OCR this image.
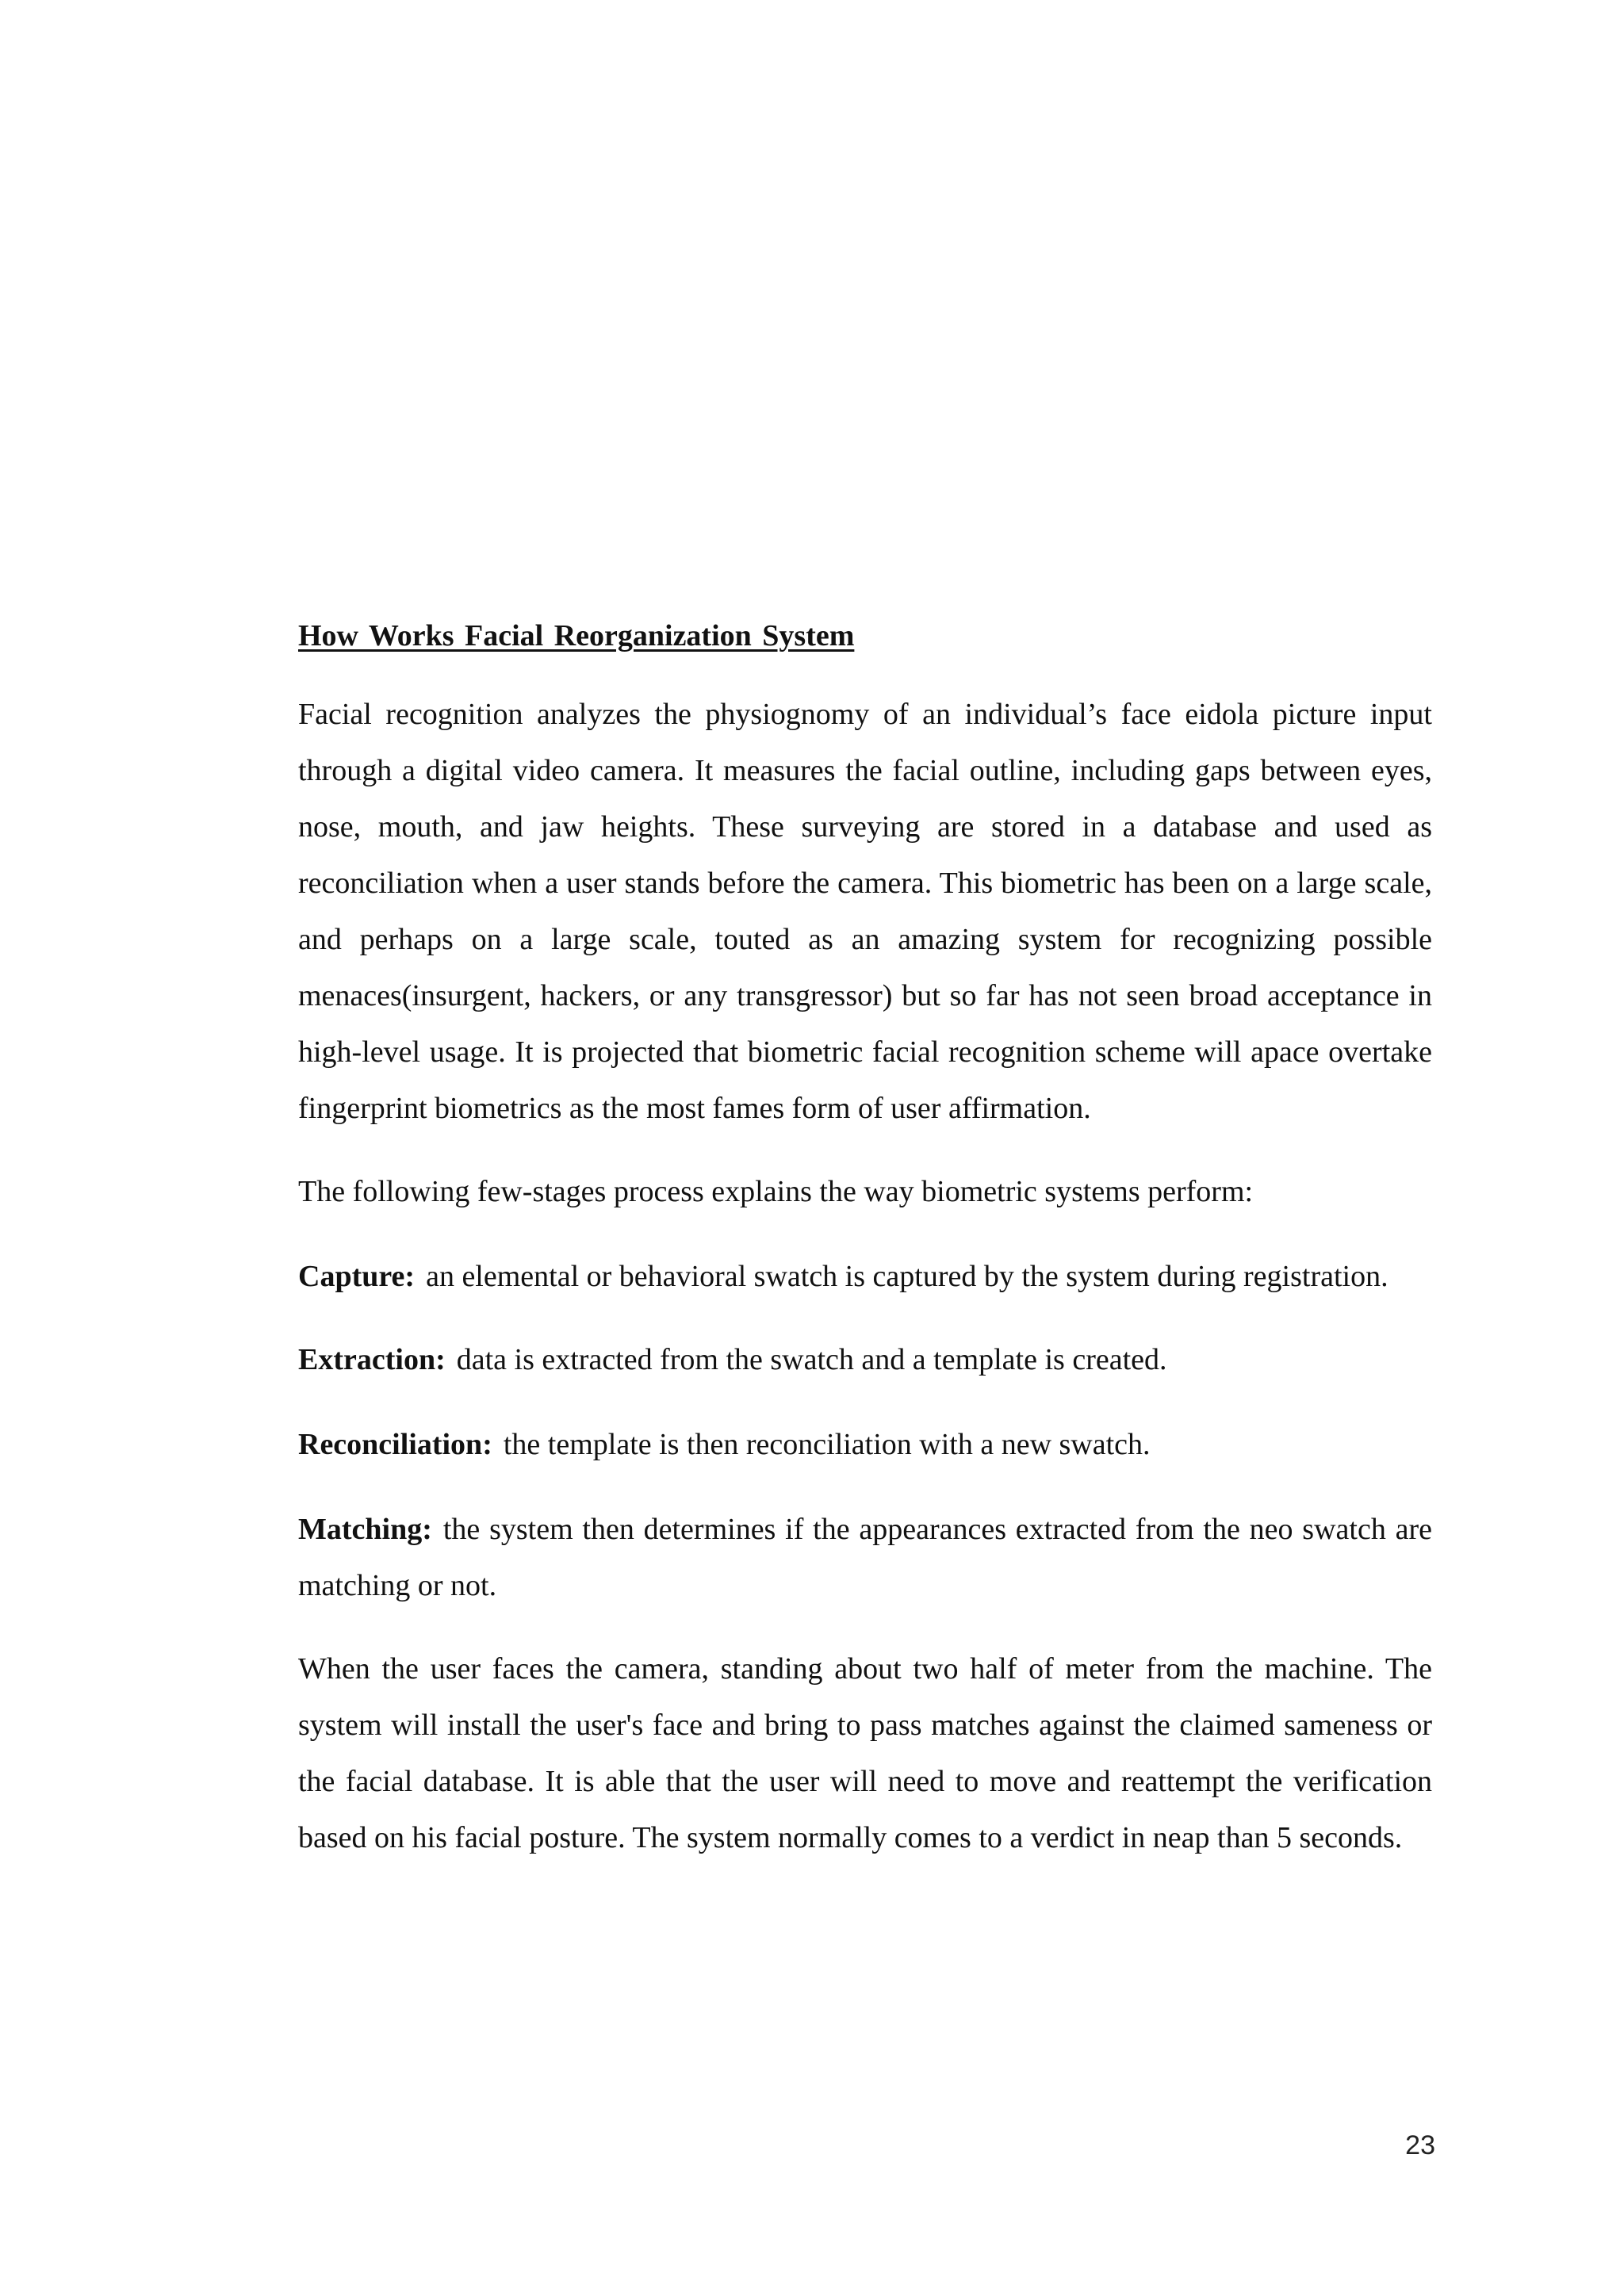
How Works Facial Reorganization System

Facial recognition analyzes the physiognomy of an individual’s face eidola picture input through a digital video camera. It measures the facial outline, including gaps between eyes, nose, mouth, and jaw heights. These surveying are stored in a database and used as reconciliation when a user stands before the camera. This biometric has been on a large scale, and perhaps on a large scale, touted as an amazing system for recognizing possible menaces(insurgent, hackers, or any transgressor) but so far has not seen broad acceptance in high-level usage. It is projected that biometric facial recognition scheme will apace overtake fingerprint biometrics as the most fames form of user affirmation.

The following few-stages process explains the way biometric systems perform:

Capture: an elemental or behavioral swatch is captured by the system during registration.

Extraction: data is extracted from the swatch and a template is created.

Reconciliation: the template is then reconciliation with a new swatch.

Matching: the system then determines if the appearances extracted from the neo swatch are matching or not.

When the user faces the camera, standing about two half of meter from the machine. The system will install the user's face and bring to pass matches against the claimed sameness or the facial database. It is able that the user will need to move and reattempt the verification based on his facial posture. The system normally comes to a verdict in neap than 5 seconds.

23
